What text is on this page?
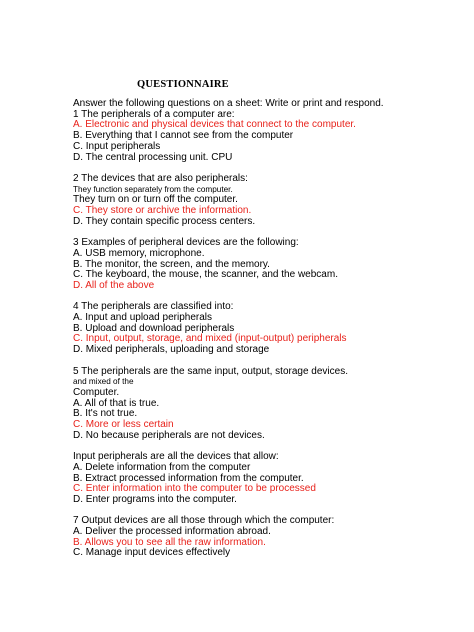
QUESTIONNAIRE
Answer the following questions on a sheet: Write or print and respond.
1 The peripherals of a computer are:
A. Electronic and physical devices that connect to the computer.
B. Everything that I cannot see from the computer
C. Input peripherals
D. The central processing unit. CPU
2 The devices that are also peripherals:
They function separately from the computer.
They turn on or turn off the computer.
C. They store or archive the information.
D. They contain specific process centers.
3 Examples of peripheral devices are the following:
A. USB memory, microphone.
B. The monitor, the screen, and the memory.
C. The keyboard, the mouse, the scanner, and the webcam.
D. All of the above
4 The peripherals are classified into:
A. Input and upload peripherals
B. Upload and download peripherals
C. Input, output, storage, and mixed (input-output) peripherals
D. Mixed peripherals, uploading and storage
5 The peripherals are the same input, output, storage devices.
and mixed of the
Computer.
A. All of that is true.
B. It's not true.
C. More or less certain
D. No because peripherals are not devices.
Input peripherals are all the devices that allow:
A. Delete information from the computer
B. Extract processed information from the computer.
C. Enter information into the computer to be processed
D. Enter programs into the computer.
7 Output devices are all those through which the computer:
A. Deliver the processed information abroad.
B. Allows you to see all the raw information.
C. Manage input devices effectively
